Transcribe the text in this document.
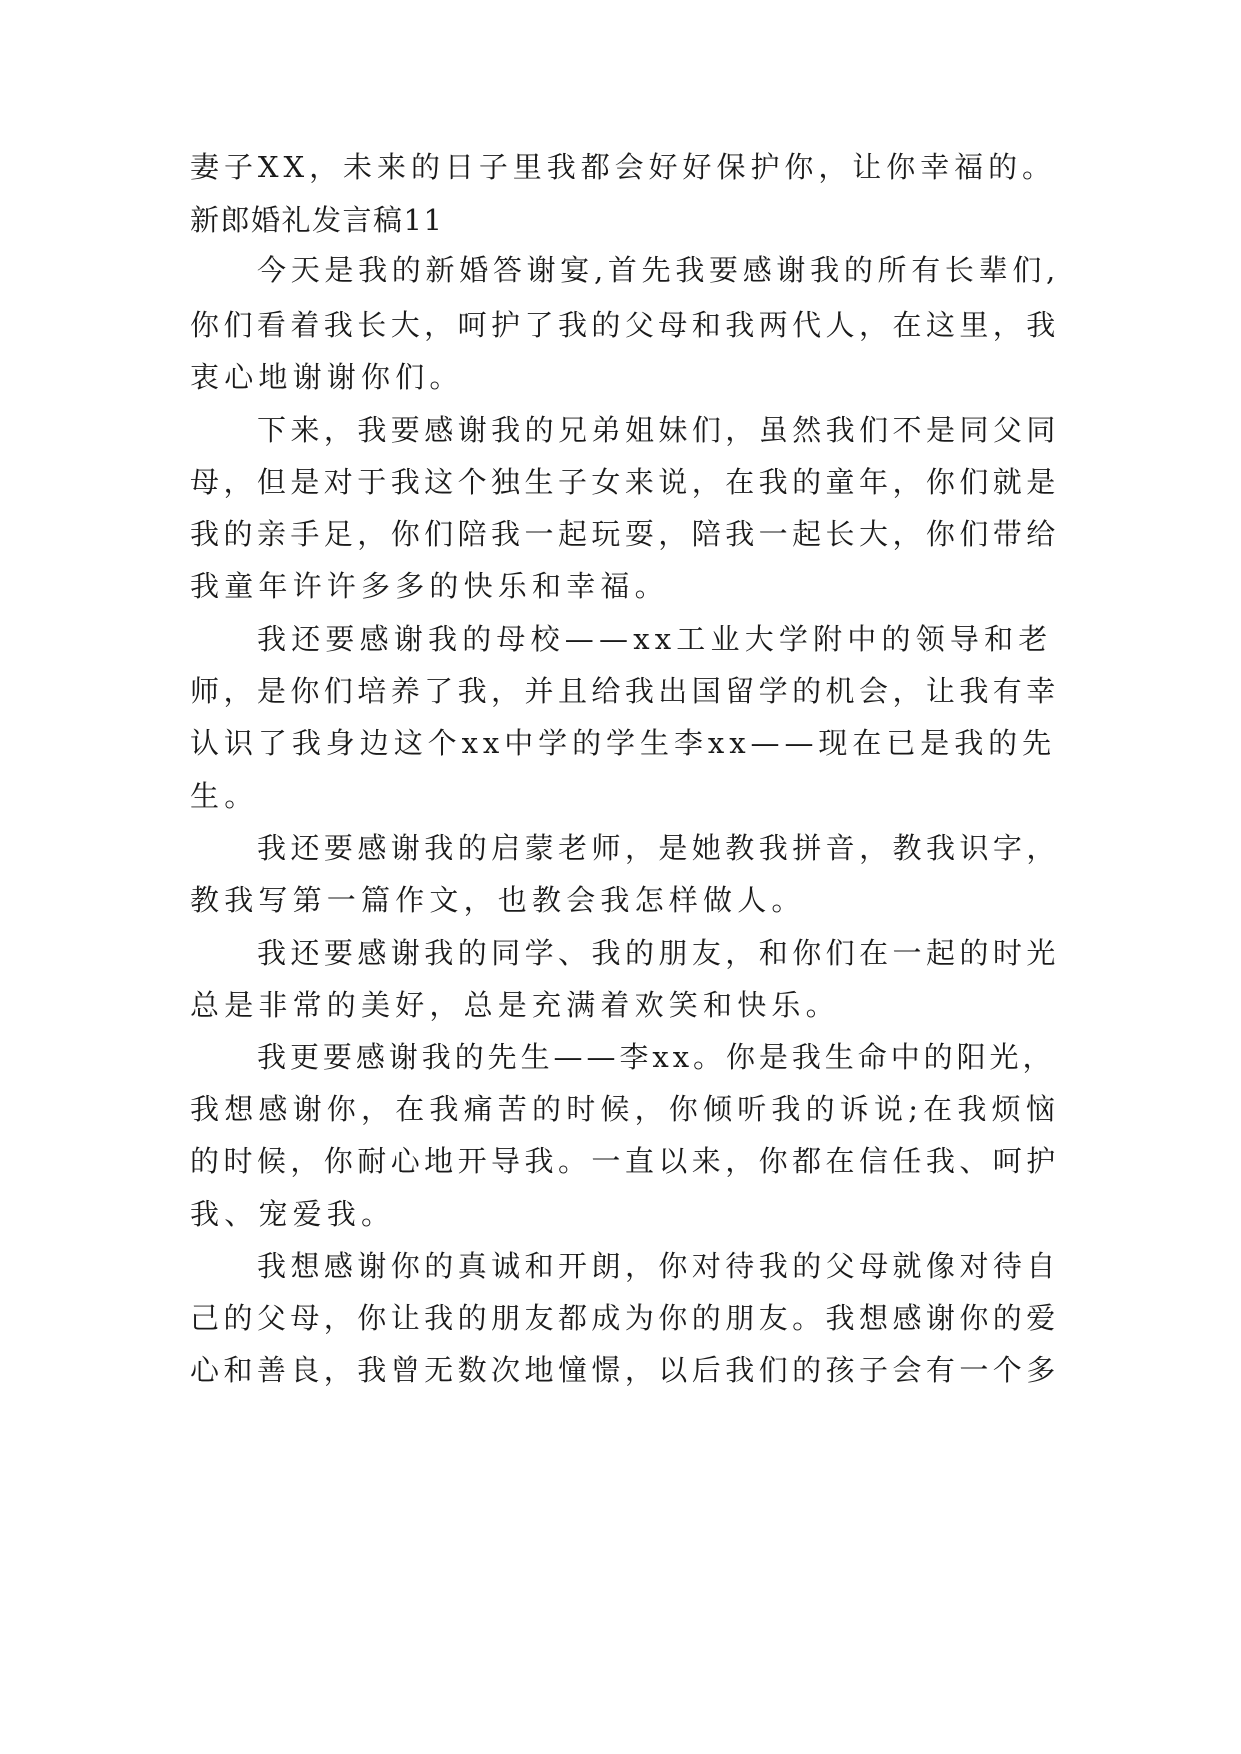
妻子XX，未来的日子里我都会好好保护你，让你幸福的。

新郎婚礼发言稿11

今天是我的新婚答谢宴,首先我要感谢我的所有长辈们,

你们看着我长大，呵护了我的父母和我两代人，在这里，我

衷心地谢谢你们。

下来，我要感谢我的兄弟姐妹们，虽然我们不是同父同

母，但是对于我这个独生子女来说，在我的童年，你们就是

我的亲手足，你们陪我一起玩耍，陪我一起长大，你们带给

我童年许许多多的快乐和幸福。

我还要感谢我的母校——xx工业大学附中的领导和老

师，是你们培养了我，并且给我出国留学的机会，让我有幸

认识了我身边这个xx中学的学生李xx——现在已是我的先

生。

我还要感谢我的启蒙老师，是她教我拼音，教我识字，

教我写第一篇作文，也教会我怎样做人。

我还要感谢我的同学、我的朋友，和你们在一起的时光

总是非常的美好，总是充满着欢笑和快乐。

我更要感谢我的先生——李xx。你是我生命中的阳光，

我想感谢你，在我痛苦的时候，你倾听我的诉说;在我烦恼

的时候，你耐心地开导我。一直以来，你都在信任我、呵护

我、宠爱我。

我想感谢你的真诚和开朗，你对待我的父母就像对待自

己的父母，你让我的朋友都成为你的朋友。我想感谢你的爱

心和善良，我曾无数次地憧憬，以后我们的孩子会有一个多
